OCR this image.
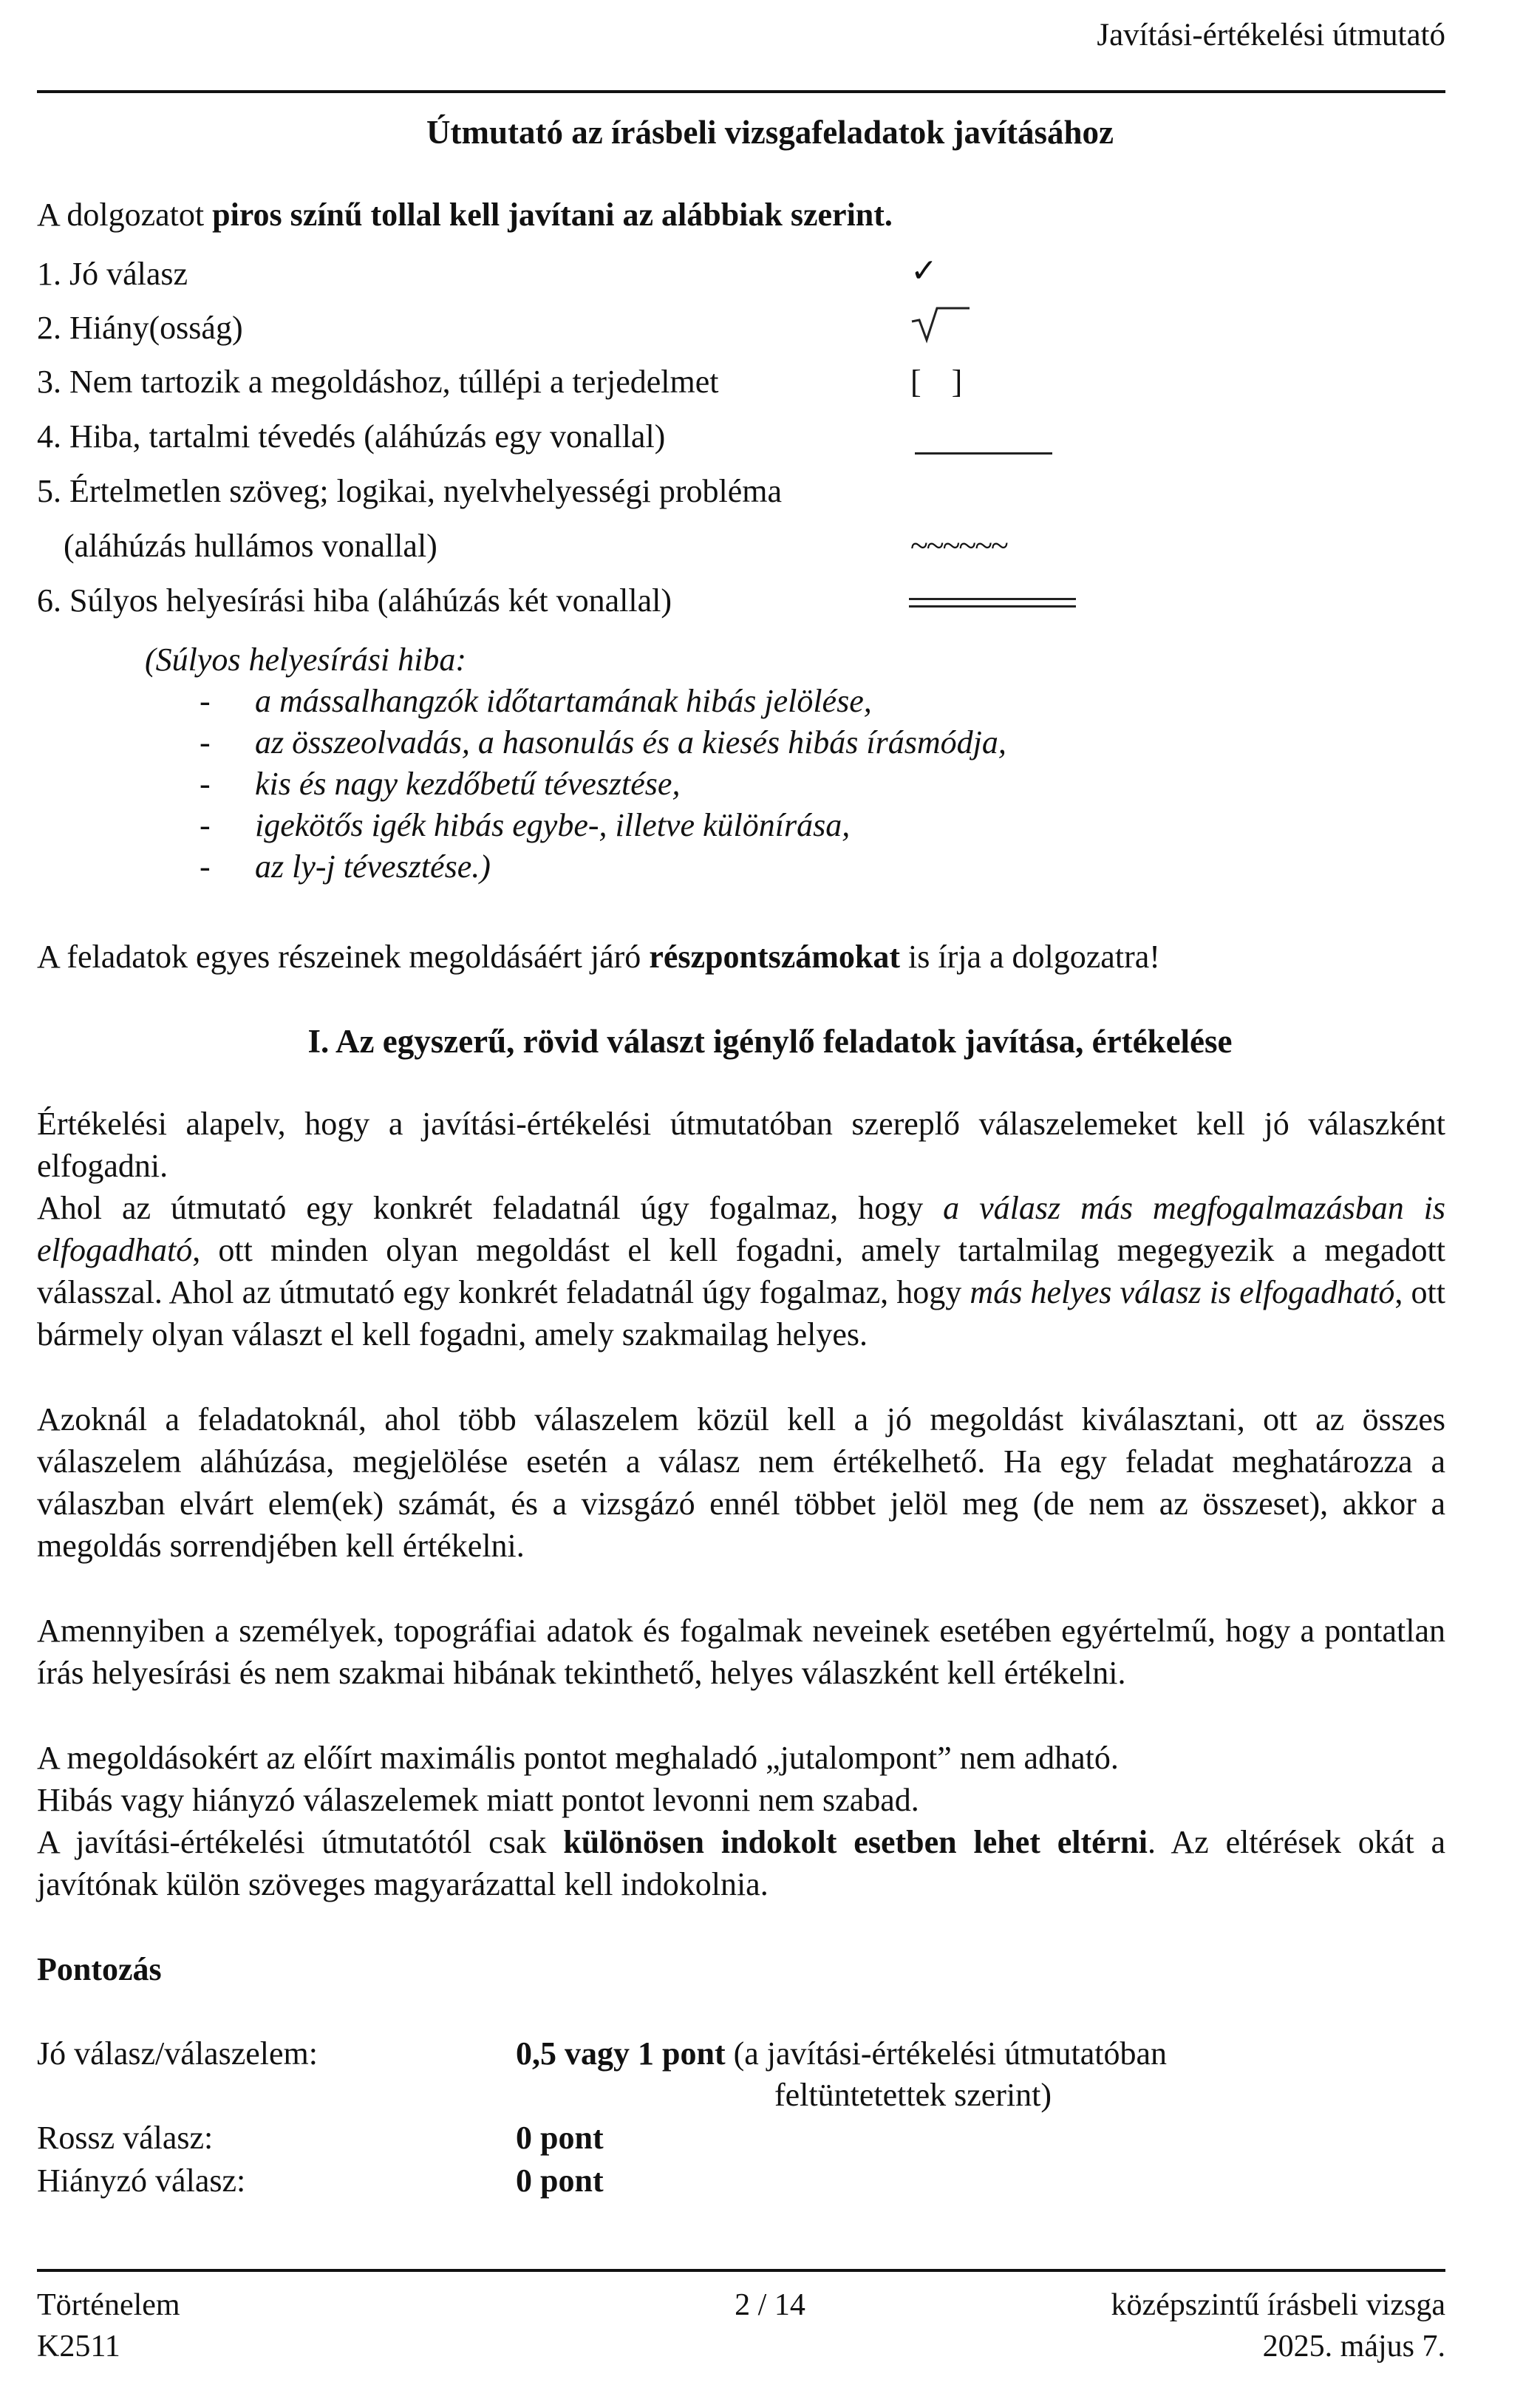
Javítási-értékelési útmutató
Útmutató az írásbeli vizsgafeladatok javításához
A dolgozatot piros színű tollal kell javítani az alábbiak szerint.
1. Jó válasz	✓
2. Hiány(osság)
3. Nem tartozik a megoldáshoz, túllépi a terjedelmet	[ ]
4. Hiba, tartalmi tévedés (aláhúzás egy vonallal)
5. Értelmetlen szöveg; logikai, nyelvhelyességi probléma
(aláhúzás hullámos vonallal)	~~~~~~
6. Súlyos helyesírási hiba (aláhúzás két vonallal)
(Súlyos helyesírási hiba:
- a mássalhangzók időtartamának hibás jelölése,
- az összeolvadás, a hasonulás és a kiesés hibás írásmódja,
- kis és nagy kezdőbetű tévesztése,
- igekötős igék hibás egybe-, illetve különírása,
- az ly-j tévesztése.)
A feladatok egyes részeinek megoldásáért járó részpontszámokat is írja a dolgozatra!
I. Az egyszerű, rövid választ igénylő feladatok javítása, értékelése

Értékelési alapelv, hogy a javítási-értékelési útmutatóban szereplő válaszelemeket kell jó válaszként elfogadni.

Ahol az útmutató egy konkrét feladatnál úgy fogalmaz, hogy a válasz más megfogalmazásban is elfogadható, ott minden olyan megoldást el kell fogadni, amely tartalmilag megegyezik a megadott válasszal. Ahol az útmutató egy konkrét feladatnál úgy fogalmaz, hogy más helyes válasz is elfogadható, ott bármely olyan választ el kell fogadni, amely szakmailag helyes.

Azoknál a feladatoknál, ahol több válaszelem közül kell a jó megoldást kiválasztani, ott az összes válaszelem aláhúzása, megjelölése esetén a válasz nem értékelhető. Ha egy feladat meghatározza a válaszban elvárt elem(ek) számát, és a vizsgázó ennél többet jelöl meg (de nem az összeset), akkor a megoldás sorrendjében kell értékelni.

Amennyiben a személyek, topográfiai adatok és fogalmak neveinek esetében egyértelmű, hogy a pontatlan írás helyesírási és nem szakmai hibának tekinthető, helyes válaszként kell értékelni.

A megoldásokért az előírt maximális pontot meghaladó „jutalompont” nem adható.

Hibás vagy hiányzó válaszelemek miatt pontot levonni nem szabad.

A javítási-értékelési útmutatótól csak különösen indokolt esetben lehet eltérni. Az eltérések okát a javítónak külön szöveges magyarázattal kell indokolnia.

Pontozás
Jó válasz/válaszelem:	0,5 vagy 1 pont (a javítási-értékelési útmutatóban
feltüntetettek szerint)
Rossz válasz:	0 pont
Hiányzó válasz:	0 pont
Történelem
K2511
2 / 14	középszintű írásbeli vizsga
2025. május 7.
